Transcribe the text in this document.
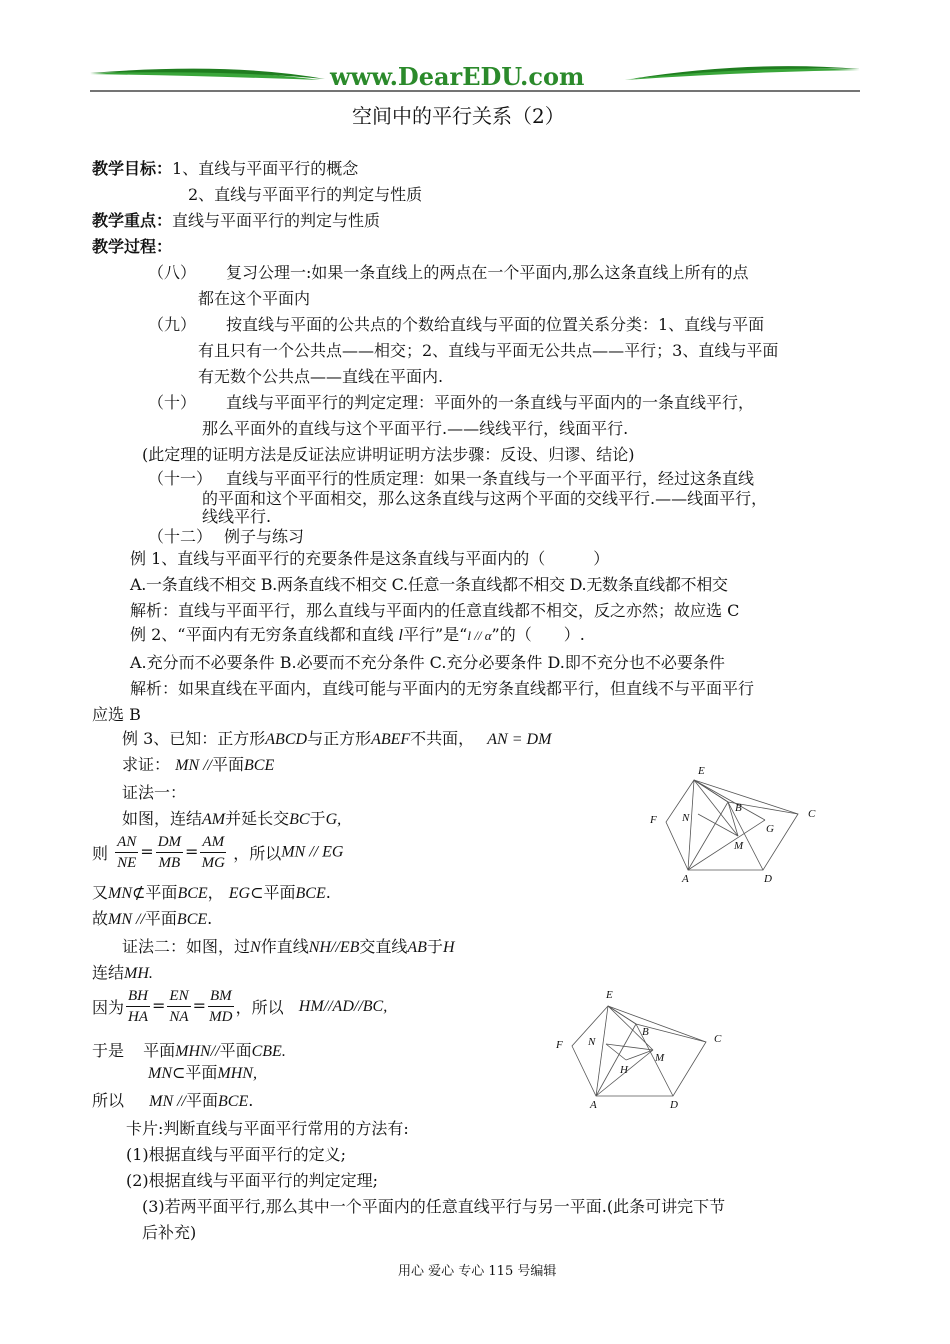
www.DearEDU.com
空间中的平行关系（2）
教学目标：1、直线与平面平行的概念
2、直线与平面平行的判定与性质
教学重点：直线与平面平行的判定与性质
教学过程：
（八） 复习公理一:如果一条直线上的两点在一个平面内,那么这条直线上所有的点
都在这个平面内
（九） 按直线与平面的公共点的个数给直线与平面的位置关系分类：1、直线与平面
有且只有一个公共点——相交；2、直线与平面无公共点——平行；3、直线与平面
有无数个公共点——直线在平面内.
（十） 直线与平面平行的判定定理：平面外的一条直线与平面内的一条直线平行，
那么平面外的直线与这个平面平行.——线线平行，线面平行.
(此定理的证明方法是反证法应讲明证明方法步骤：反设、归谬、结论)
（十一） 直线与平面平行的性质定理：如果一条直线与一个平面平行，经过这条直线
的平面和这个平面相交，那么这条直线与这两个平面的交线平行.——线面平行，
线线平行.
（十二） 例子与练习
例 1、直线与平面平行的充要条件是这条直线与平面内的（　　　）
A.一条直线不相交 B.两条直线不相交 C.任意一条直线都不相交 D.无数条直线都不相交
解析：直线与平面平行，那么直线与平面内的任意直线都不相交，反之亦然；故应选 C
例 2、“平面内有无穷条直线都和直线 l平行”是“l // α”的（　　）.
A.充分而不必要条件 B.必要而不充分条件 C.充分必要条件 D.即不充分也不必要条件
解析：如果直线在平面内，直线可能与平面内的无穷条直线都平行，但直线不与平面平行
应选 B
例 3、已知：正方形ABCD与正方形ABEF不共面， AN = DM
求证： MN //平面BCE
证法一：
如图，连结AM并延长交BC于G,
则 $\frac{AN}{NE} = \frac{DM}{MB} = \frac{AM}{MG}$ ，所以MN // EG
又MN⊄平面BCE， EG⊂平面BCE.
故MN //平面BCE.
证法二：如图，过N作直线NH//EB交直线AB于H
连结MH.
因为 $\frac{BH}{HA} = \frac{EN}{NA} = \frac{BM}{MD}$ ，所以 HM//AD//BC,
于是 平面MHN//平面CBE.
MN⊂平面MHN,
所以 MN //平面BCE.
卡片:判断直线与平面平行常用的方法有:
(1)根据直线与平面平行的定义;
(2)根据直线与平面平行的判定定理;
(3)若两平面平行,那么其中一个平面内的任意直线平行与另一平面.(此条可讲完下节
后补充)
用心 爱心 专心 115 号编辑
E
B	C
F N
G
M
A	D
E
B
C
F N
M
H
A	D
